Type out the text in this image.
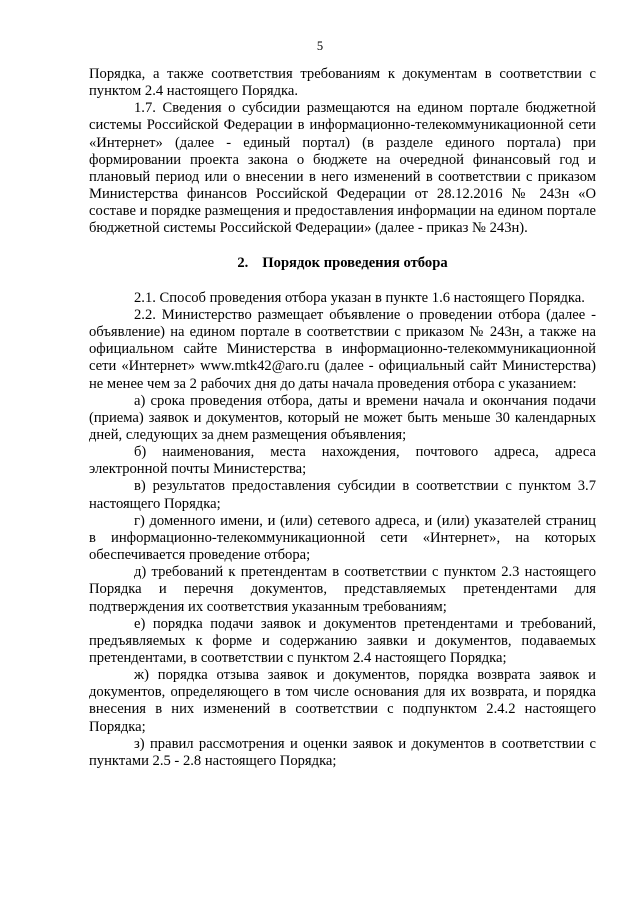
5

Порядка, а также соответствия требованиям к документам в соответствии с пунктом 2.4 настоящего Порядка.

1.7. Сведения о субсидии размещаются на едином портале бюджетной системы Российской Федерации в информационно-телекоммуникационной сети «Интернет» (далее - единый портал) (в разделе единого портала) при формировании проекта закона о бюджете на очередной финансовый год и плановый период или о внесении в него изменений в соответствии с приказом Министерства финансов Российской Федерации от 28.12.2016 № 243н «О составе и порядке размещения и предоставления информации на едином портале бюджетной системы Российской Федерации» (далее - приказ № 243н).

2. Порядок проведения отбора

2.1. Способ проведения отбора указан в пункте 1.6 настоящего Порядка.

2.2. Министерство размещает объявление о проведении отбора (далее - объявление) на едином портале в соответствии с приказом № 243н, а также на официальном сайте Министерства в информационно-телекоммуникационной сети «Интернет» www.mtk42@aro.ru (далее - официальный сайт Министерства) не менее чем за 2 рабочих дня до даты начала проведения отбора с указанием:

а) срока проведения отбора, даты и времени начала и окончания подачи (приема) заявок и документов, который не может быть меньше 30 календарных дней, следующих за днем размещения объявления;

б) наименования, места нахождения, почтового адреса, адреса электронной почты Министерства;

в) результатов предоставления субсидии в соответствии с пунктом 3.7 настоящего Порядка;

г) доменного имени, и (или) сетевого адреса, и (или) указателей страниц в информационно-телекоммуникационной сети «Интернет», на которых обеспечивается проведение отбора;

д) требований к претендентам в соответствии с пунктом 2.3 настоящего Порядка и перечня документов, представляемых претендентами для подтверждения их соответствия указанным требованиям;

е) порядка подачи заявок и документов претендентами и требований, предъявляемых к форме и содержанию заявки и документов, подаваемых претендентами, в соответствии с пунктом 2.4 настоящего Порядка;

ж) порядка отзыва заявок и документов, порядка возврата заявок и документов, определяющего в том числе основания для их возврата, и порядка внесения в них изменений в соответствии с подпунктом 2.4.2 настоящего Порядка;

з) правил рассмотрения и оценки заявок и документов в соответствии с пунктами 2.5 - 2.8 настоящего Порядка;
